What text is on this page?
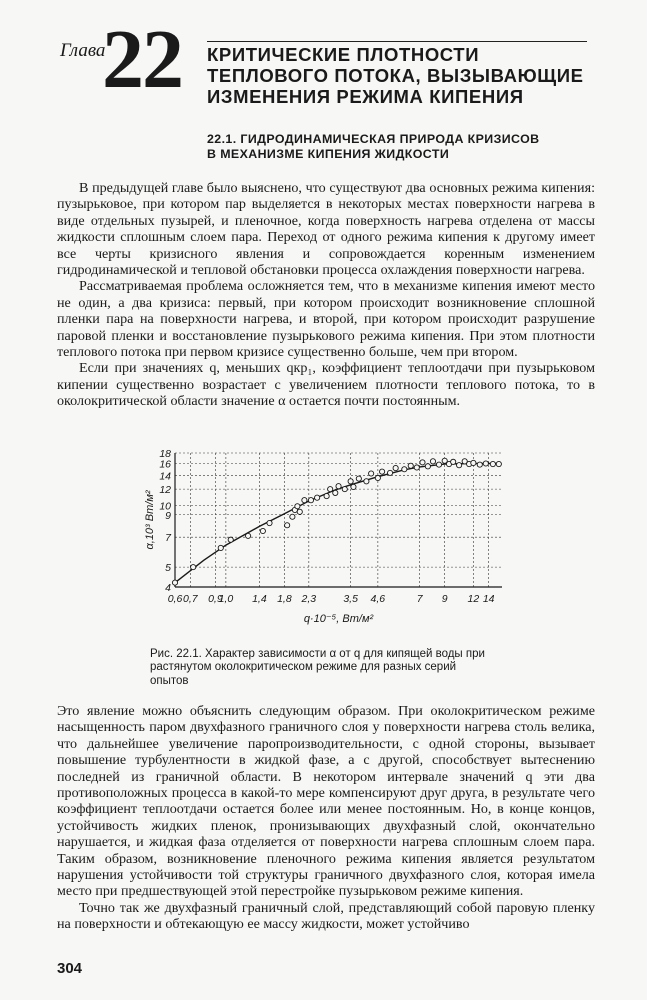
Глава
22 КРИТИЧЕСКИЕ ПЛОТНОСТИ
ТЕПЛОВОГО ПОТОКА, ВЫЗЫВАЮЩИЕ
ИЗМЕНЕНИЯ РЕЖИМА КИПЕНИЯ
22.1. ГИДРОДИНАМИЧЕСКАЯ ПРИРОДА КРИЗИСОВ
В МЕХАНИЗМЕ КИПЕНИЯ ЖИДКОСТИ

В предыдущей главе было выяснено, что существуют два основных режима кипения: пузырьковое, при котором пар выделяется в некоторых местах поверхности нагрева в виде отдельных пузырей, и пленочное, когда поверхность нагрева отделена от массы жидкости сплошным слоем пара. Переход от одного режима кипения к другому имеет все черты кризисного явления и сопровождается коренным изменением гидродинамической и тепловой обстановки процесса охлаждения поверхности нагрева.

Рассматриваемая проблема осложняется тем, что в механизме кипения имеют место не один, а два кризиса: первый, при котором происходит возникновение сплошной пленки пара на поверхности нагрева, и второй, при котором происходит разрушение паровой пленки и восстановление пузырькового режима кипения. При этом плотности теплового потока при первом кризисе существенно больше, чем при втором.

Если при значениях q, меньших qкр₁, коэффициент теплоотдачи при пузырьковом кипении существенно возрастает с увеличением плотности теплового потока, то в околокритической области значение α остается почти постоянным.

0,6 0,7 0,9
1,0 1,4 1,8 2,3	3,5 4,6	7 9 12 14
4
5
7
9
10
12
14
16
18
α,10³ Вт/м²
q·10⁻⁵, Вт/м²
Рис. 22.1. Характер зависимости α от q для кипящей воды при
растянутом околокритическом режиме для разных серий
опытов

Это явление можно объяснить следующим образом. При околокритическом режиме насыщенность паром двухфазного граничного слоя у поверхности нагрева столь велика, что дальнейшее увеличение паропроизводительности, с одной стороны, вызывает повышение турбулентности в жидкой фазе, а с другой, способствует вытеснению последней из граничной области. В некотором интервале значений q эти два противоположных процесса в какой-то мере компенсируют друг друга, в результате чего коэффициент теплоотдачи остается более или менее постоянным. Но, в конце концов, устойчивость жидких пленок, пронизывающих двухфазный слой, окончательно нарушается, и жидкая фаза отделяется от поверхности нагрева сплошным слоем пара. Таким образом, возникновение пленочного режима кипения является результатом нарушения устойчивости той структуры граничного двухфазного слоя, которая имела место при предшествующей этой перестройке пузырьковом режиме кипения.

Точно так же двухфазный граничный слой, представляющий собой паровую пленку на поверхности и обтекающую ее массу жидкости, может устойчиво

304
